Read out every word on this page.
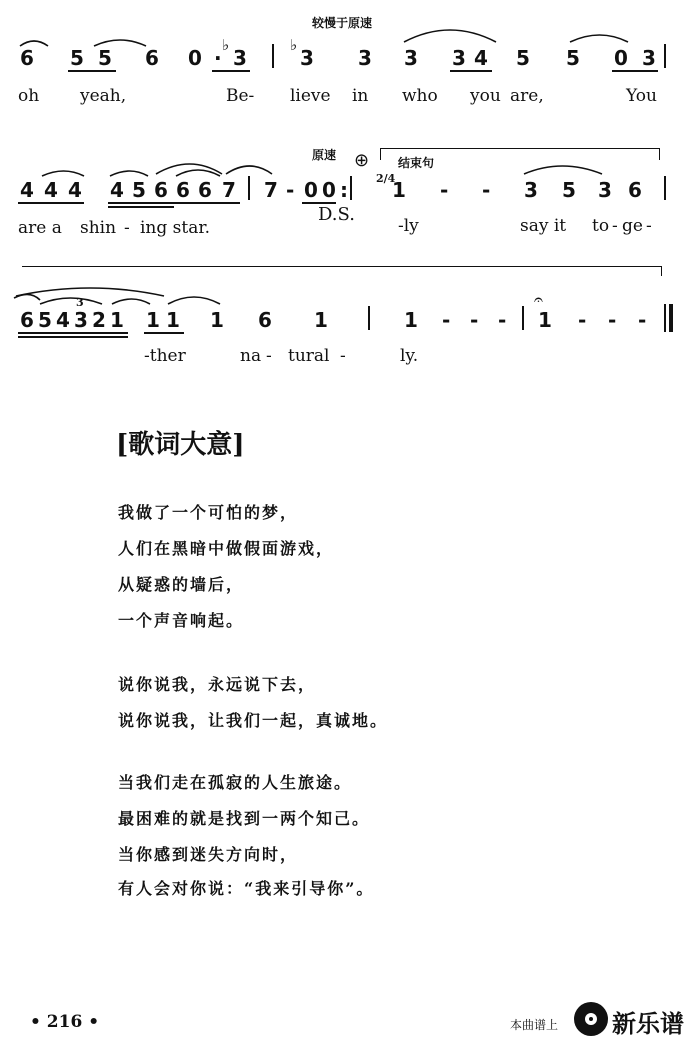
较慢于原速
6 5 5 6 0 ·
♭
3
♭
3 3 3 3 4 5 5 0 3
oh yeah,	Be- lieve in who you are,	You
原速
结束句
⊕
4 4 4 4 5 6 6 6 7 7 - 0 0 :	2/4
1 - - 3 5 3 6
D.S.
are a shin - ing star.	-ly	say it to - ge -
6 5 4 3
3
2 1 1 1 1 6 1	1 - - -
𝄐
1 - - -
-ther	na - tural -	ly.
[歌词大意]
我做了一个可怕的梦，
人们在黑暗中做假面游戏，
从疑惑的墙后，
一个声音响起。
说你说我，永远说下去，
说你说我，让我们一起，真诚地。
当我们走在孤寂的人生旅途。
最困难的就是找到一两个知己。
当你感到迷失方向时，
有人会对你说：“我来引导你”。
• 216 •	本曲谱上 新乐谱
